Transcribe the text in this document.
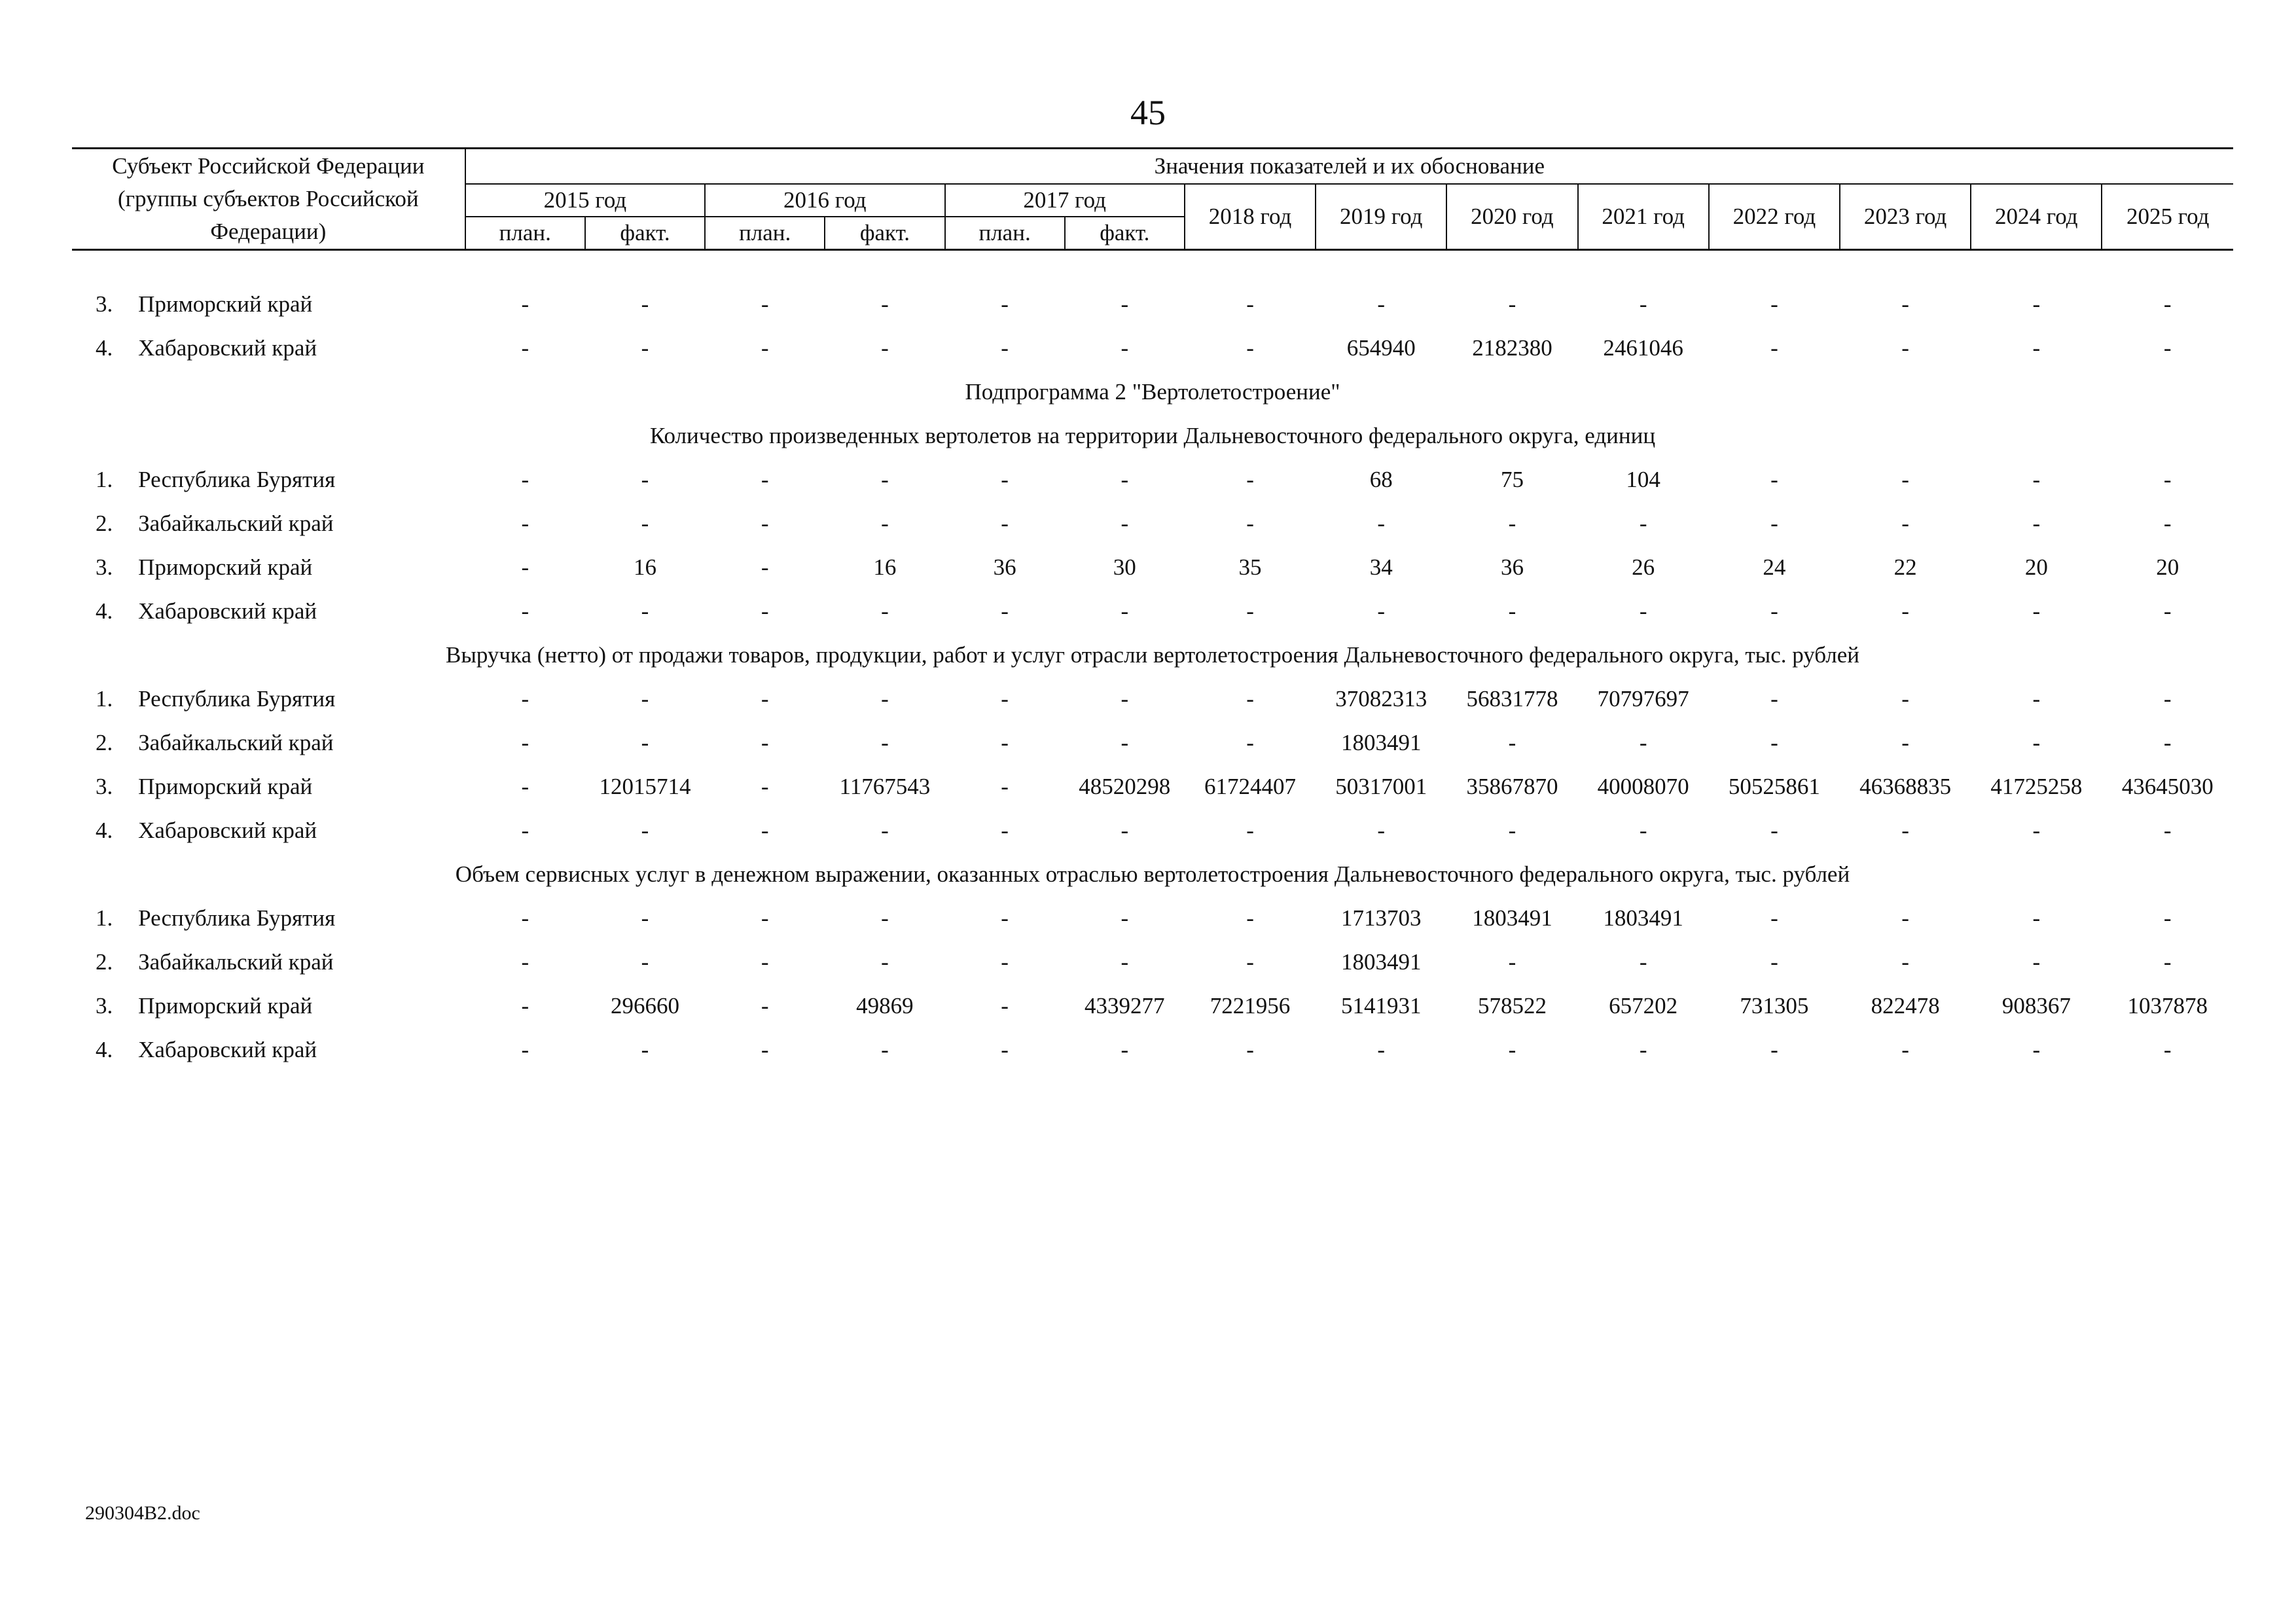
45
Субъект Российской Федерации (группы субъектов Российской Федерации)		Значения показателей и их обоснование													
		2015 год		2016 год		2017 год		2018 год	2019 год	2020 год	2021 год	2022 год	2023 год	2024 год	2025 год
		план.	факт.	план.	факт.	план.	факт.								

3.	Приморский край	-	-	-	-	-	-	-	-	-	-	-	-	-	-
4.	Хабаровский край	-	-	-	-	-	-	-	654940	2182380	2461046	-	-	-	-
Подпрограмма 2 "Вертолетостроение"															
Количество произведенных вертолетов на территории Дальневосточного федерального округа, единиц															
1.	Республика Бурятия	-	-	-	-	-	-	-	68	75	104	-	-	-	-
2.	Забайкальский край	-	-	-	-	-	-	-	-	-	-	-	-	-	-
3.	Приморский край	-	16	-	16	36	30	35	34	36	26	24	22	20	20
4.	Хабаровский край	-	-	-	-	-	-	-	-	-	-	-	-	-	-
Выручка (нетто) от продажи товаров, продукции, работ и услуг отрасли вертолетостроения Дальневосточного федерального округа, тыс. рублей															
1.	Республика Бурятия	-	-	-	-	-	-	-	37082313	56831778	70797697	-	-	-	-
2.	Забайкальский край	-	-	-	-	-	-	-	1803491	-	-	-	-	-	-
3.	Приморский край	-	12015714	-	11767543	-	48520298	61724407	50317001	35867870	40008070	50525861	46368835	41725258	43645030
4.	Хабаровский край	-	-	-	-	-	-	-	-	-	-	-	-	-	-
Объем сервисных услуг в денежном выражении, оказанных отраслью вертолетостроения Дальневосточного федерального округа, тыс. рублей															
1.	Республика Бурятия	-	-	-	-	-	-	-	1713703	1803491	1803491	-	-	-	-
2.	Забайкальский край	-	-	-	-	-	-	-	1803491	-	-	-	-	-	-
3.	Приморский край	-	296660	-	49869	-	4339277	7221956	5141931	578522	657202	731305	822478	908367	1037878
4.	Хабаровский край	-	-	-	-	-	-	-	-	-	-	-	-	-	-
290304B2.doc
